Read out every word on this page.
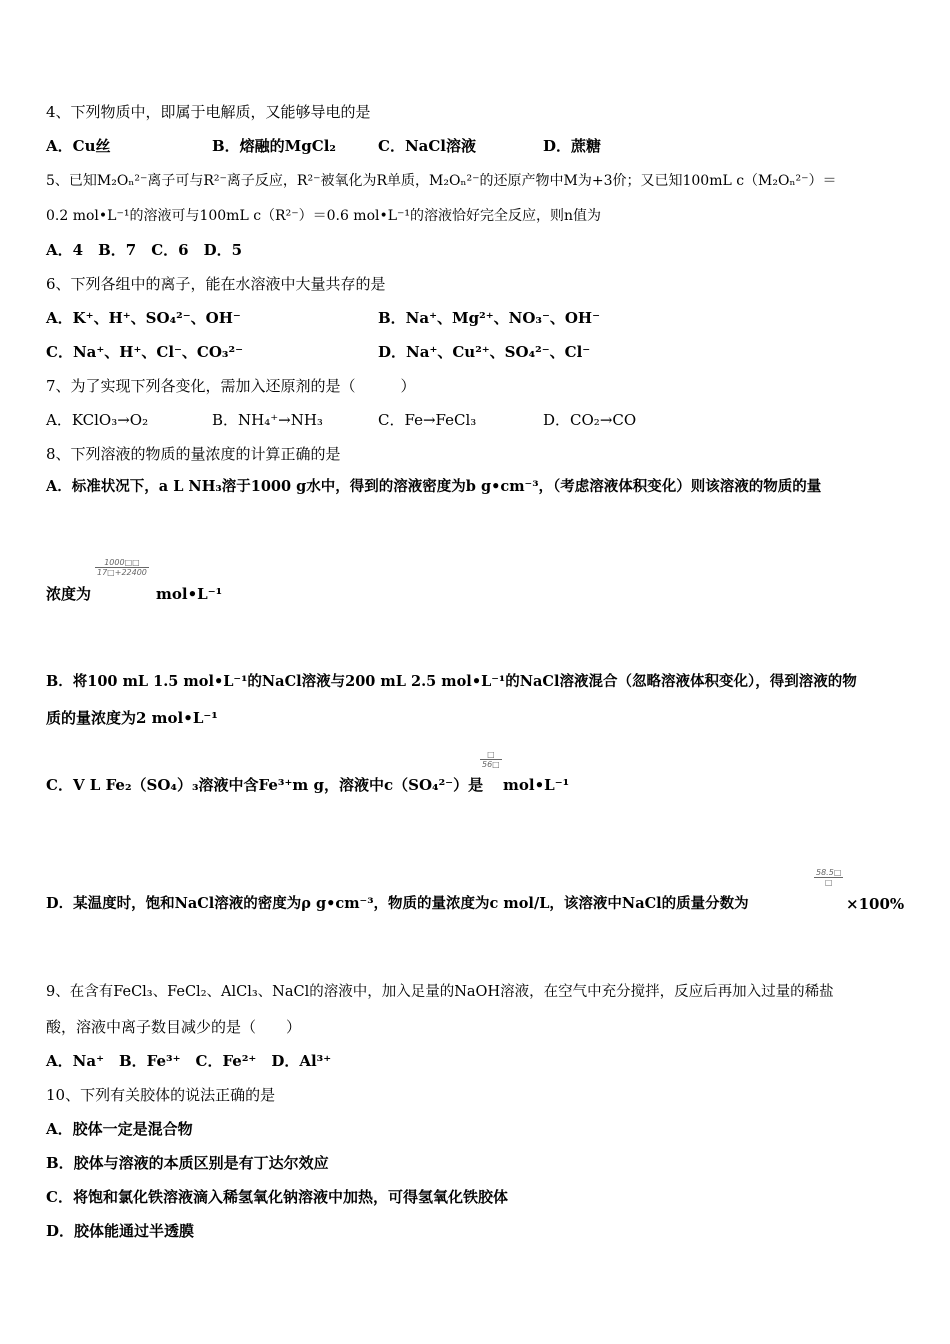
4、下列物质中，即属于电解质，又能够导电的是
A．Cu丝	B．熔融的MgCl₂	C．NaCl溶液	D．蔗糖
5、已知M₂Oₙ²⁻离子可与R²⁻离子反应，R²⁻被氧化为R单质，M₂Oₙ²⁻的还原产物中M为+3价；又已知100mL c（M₂Oₙ²⁻）＝
0.2 mol•L⁻¹的溶液可与100mL c（R²⁻）＝0.6 mol•L⁻¹的溶液恰好完全反应，则n值为
A．4　B．7　C．6　D．5
6、下列各组中的离子，能在水溶液中大量共存的是
A．K⁺、H⁺、SO₄²⁻、OH⁻	B．Na⁺、Mg²⁺、NO₃⁻、OH⁻
C．Na⁺、H⁺、Cl⁻、CO₃²⁻	D．Na⁺、Cu²⁺、SO₄²⁻、Cl⁻
7、为了实现下列各变化，需加入还原剂的是（　　　）
A．KClO₃→O₂	B．NH₄⁺→NH₃	C．Fe→FeCl₃	D．CO₂→CO
8、下列溶液的物质的量浓度的计算正确的是
A．标准状况下，a L NH₃溶于1000 g水中，得到的溶液密度为b g•cm⁻³，（考虑溶液体积变化）则该溶液的物质的量
浓度为
$\frac{1000□□}{17□+22400}$
mol•L⁻¹
B．将100 mL 1.5 mol•L⁻¹的NaCl溶液与200 mL 2.5 mol•L⁻¹的NaCl溶液混合（忽略溶液体积变化），得到溶液的物
质的量浓度为2 mol•L⁻¹
C．V L Fe₂（SO₄）₃溶液中含Fe³⁺m g，溶液中c（SO₄²⁻）是
□
56□
mol•L⁻¹
D．某温度时，饱和NaCl溶液的密度为ρ g•cm⁻³，物质的量浓度为c mol/L，该溶液中NaCl的质量分数为
58.5□
□
×100%
9、在含有FeCl₃、FeCl₂、AlCl₃、NaCl的溶液中，加入足量的NaOH溶液，在空气中充分搅拌，反应后再加入过量的稀盐
酸，溶液中离子数目减少的是（　　）
A．Na⁺　B．Fe³⁺　C．Fe²⁺　D．Al³⁺
10、下列有关胶体的说法正确的是
A．胶体一定是混合物
B．胶体与溶液的本质区别是有丁达尔效应
C．将饱和氯化铁溶液滴入稀氢氧化钠溶液中加热，可得氢氧化铁胶体
D．胶体能通过半透膜
